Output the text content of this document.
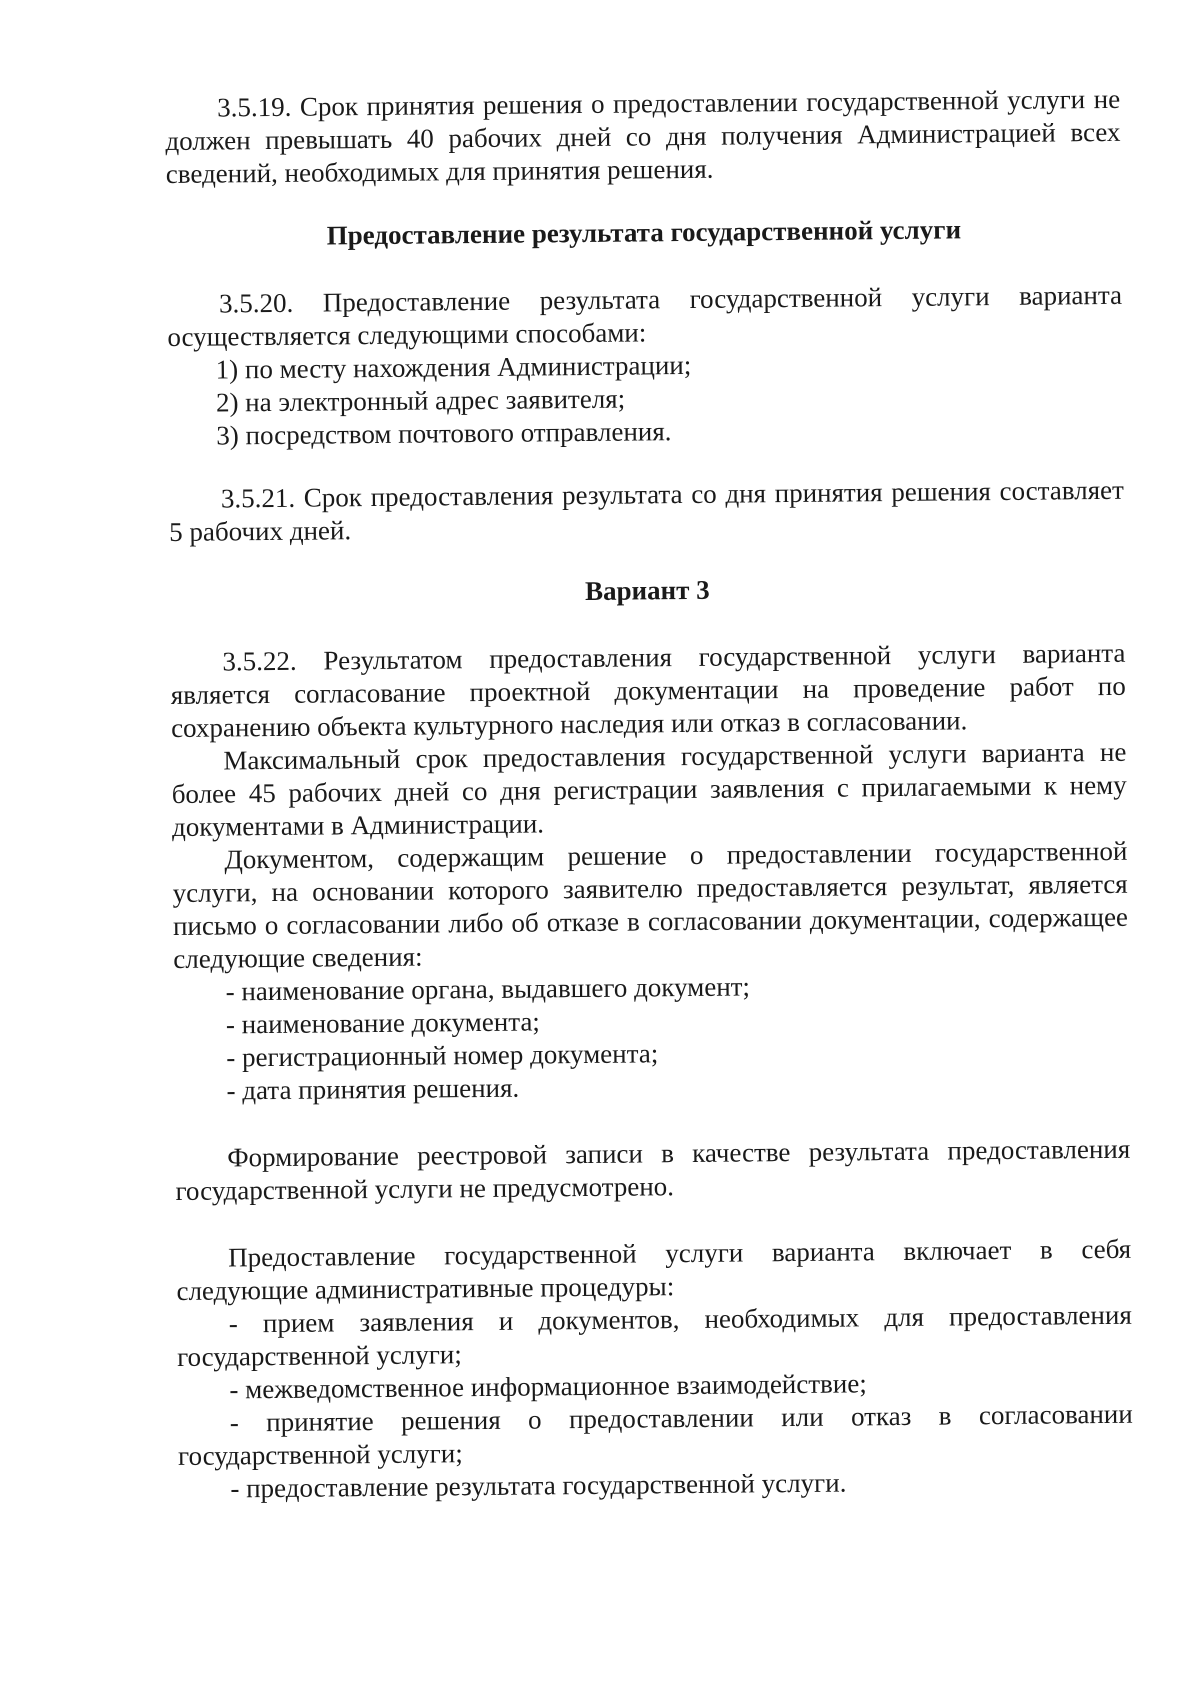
3.5.19. Срок принятия решения о предоставлении государственной услуги не должен превышать 40 рабочих дней со дня получения Администрацией всех сведений, необходимых для принятия решения.

Предоставление результата государственной услуги

3.5.20. Предоставление результата государственной услуги варианта осуществляется следующими способами:

1) по месту нахождения Администрации;

2) на электронный адрес заявителя;

3) посредством почтового отправления.

3.5.21. Срок предоставления результата со дня принятия решения составляет 5 рабочих дней.

Вариант 3

3.5.22. Результатом предоставления государственной услуги варианта является согласование проектной документации на проведение работ по сохранению объекта культурного наследия или отказ в согласовании.

Максимальный срок предоставления государственной услуги варианта не более 45 рабочих дней со дня регистрации заявления с прилагаемыми к нему документами в Администрации.

Документом, содержащим решение о предоставлении государственной услуги, на основании которого заявителю предоставляется результат, является письмо о согласовании либо об отказе в согласовании документации, содержащее следующие сведения:

- наименование органа, выдавшего документ;

- наименование документа;

- регистрационный номер документа;

- дата принятия решения.

Формирование реестровой записи в качестве результата предоставления государственной услуги не предусмотрено.

Предоставление государственной услуги варианта включает в себя следующие административные процедуры:

- прием заявления и документов, необходимых для предоставления государственной услуги;

- межведомственное информационное взаимодействие;

- принятие решения о предоставлении или отказ в согласовании государственной услуги;

- предоставление результата государственной услуги.
